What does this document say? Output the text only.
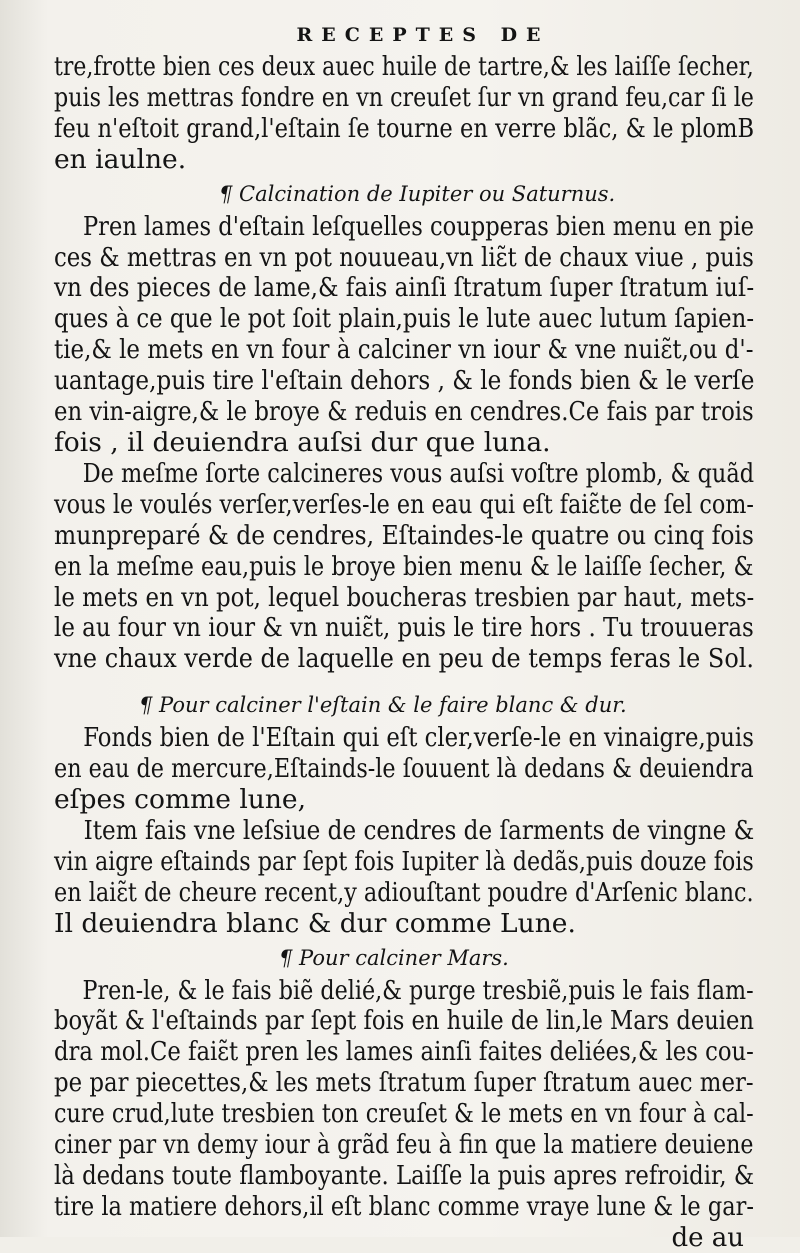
RECEPTES DE
tre,frotte bien ces deux auec huile de tartre,& les laiſſe ſecher,
puis les mettras fondre en vn creuſet ſur vn grand feu,car ſi le
feu n'eſtoit grand,l'eſtain ſe tourne en verre blãc, & le plomB
en iaulne.
¶ Calcination de Iupiter ou Saturnus.
Pren lames d'eſtain leſquelles coupperas bien menu en pie
ces & mettras en vn pot nouueau,vn liɛ̃t de chaux viue , puis
vn des pieces de lame,& fais ainſi ſtratum ſuper ſtratum iuſ-
ques à ce que le pot ſoit plain,puis le lute auec lutum ſapien-
tie,& le mets en vn four à calciner vn iour & vne nuiɛ̃t,ou d'-
uantage,puis tire l'eſtain dehors , & le fonds bien & le verſe
en vin-aigre,& le broye & reduis en cendres.Ce fais par trois
fois , il deuiendra auſsi dur que luna.
De meſme ſorte calcineres vous auſsi voſtre plomb, & quãd
vous le voulés verſer,verſes-le en eau qui eſt faiɛ̃te de ſel com-
munpreparé & de cendres, Eſtaindes-le quatre ou cinq fois
en la meſme eau,puis le broye bien menu & le laiſſe ſecher, &
le mets en vn pot, lequel boucheras tresbien par haut, mets-
le au four vn iour & vn nuiɛ̃t, puis le tire hors . Tu trouueras
vne chaux verde de laquelle en peu de temps feras le Sol.
¶ Pour calciner l'eſtain & le faire blanc & dur.
Fonds bien de l'Eſtain qui eſt cler,verſe-le en vinaigre,puis
en eau de mercure,Eſtainds-le ſouuent là dedans & deuiendra
eſpes comme lune,
Item fais vne leſsiue de cendres de ſarments de vingne &
vin aigre eſtainds par ſept fois Iupiter là dedãs,puis douze fois
en laiɛ̃t de cheure recent,y adiouſtant poudre d'Arſenic blanc.
Il deuiendra blanc & dur comme Lune.
¶ Pour calciner Mars.
Pren-le, & le fais biẽ delié,& purge tresbiẽ,puis le fais flam-
boyãt & l'eſtainds par ſept fois en huile de lin,le Mars deuien
dra mol.Ce faiɛ̃t pren les lames ainſi faites deliées,& les cou-
pe par piecettes,& les mets ſtratum ſuper ſtratum auec mer-
cure crud,lute tresbien ton creuſet & le mets en vn four à cal-
ciner par vn demy iour à grãd feu à fin que la matiere deuiene
là dedans toute flamboyante. Laiſſe la puis apres refroidir, &
tire la matiere dehors,il eſt blanc comme vraye lune & le gar-
de au
